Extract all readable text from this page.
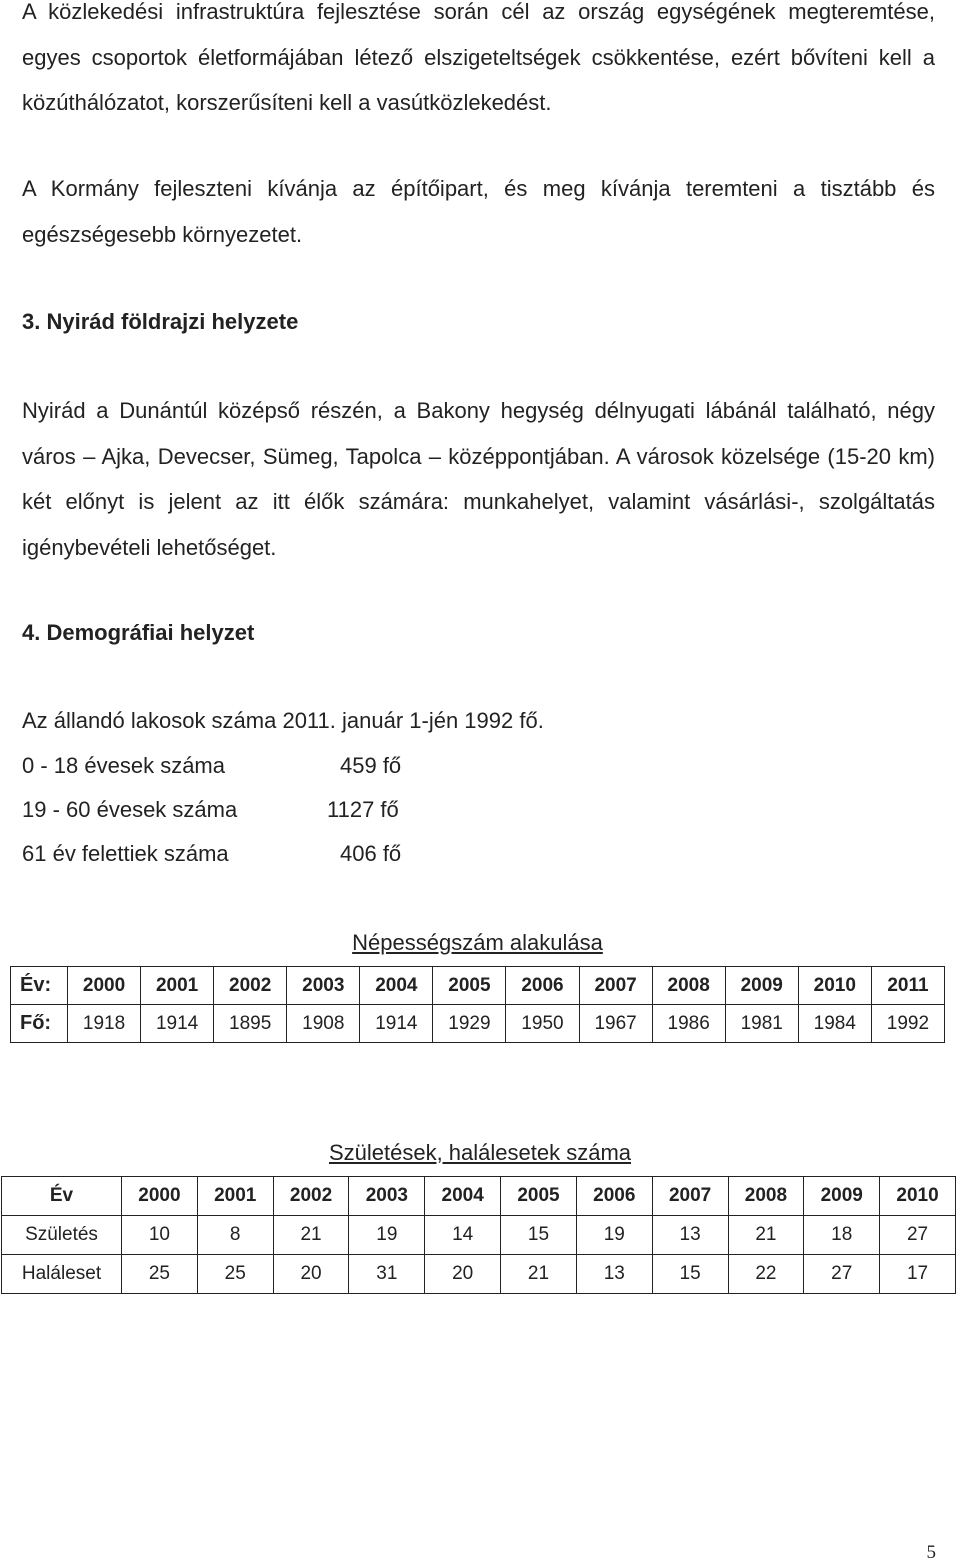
A közlekedési infrastruktúra fejlesztése során cél az ország egységének megteremtése, egyes csoportok életformájában létező elszigeteltségek csökkentése, ezért bővíteni kell a közúthálózatot, korszerűsíteni kell a vasútközlekedést.

A Kormány fejleszteni kívánja az építőipart, és meg kívánja teremteni a tisztább és egészségesebb környezetet.

3. Nyirád földrajzi helyzete

Nyirád a Dunántúl középső részén, a Bakony hegység délnyugati lábánál található, négy város – Ajka, Devecser, Sümeg, Tapolca – középpontjában. A városok közelsége (15-20 km) két előnyt is jelent az itt élők számára: munkahelyet, valamint vásárlási-, szolgáltatás igénybevételi lehetőséget.

4. Demográfiai helyzet

Az állandó lakosok száma 2011. január 1-jén 1992 fő.

0 - 18 évesek száma	459 fő
19 - 60 évesek száma	1127 fő
61 év felettiek száma	406 fő
Népességszám alakulása
Év:	2000	2001	2002	2003	2004	2005	2006	2007	2008	2009	2010	2011
Fő:	1918	1914	1895	1908	1914	1929	1950	1967	1986	1981	1984	1992
Születések, halálesetek száma
Év	2000	2001	2002	2003	2004	2005	2006	2007	2008	2009	2010
Születés	10	8	21	19	14	15	19	13	21	18	27
Haláleset	25	25	20	31	20	21	13	15	22	27	17
5
